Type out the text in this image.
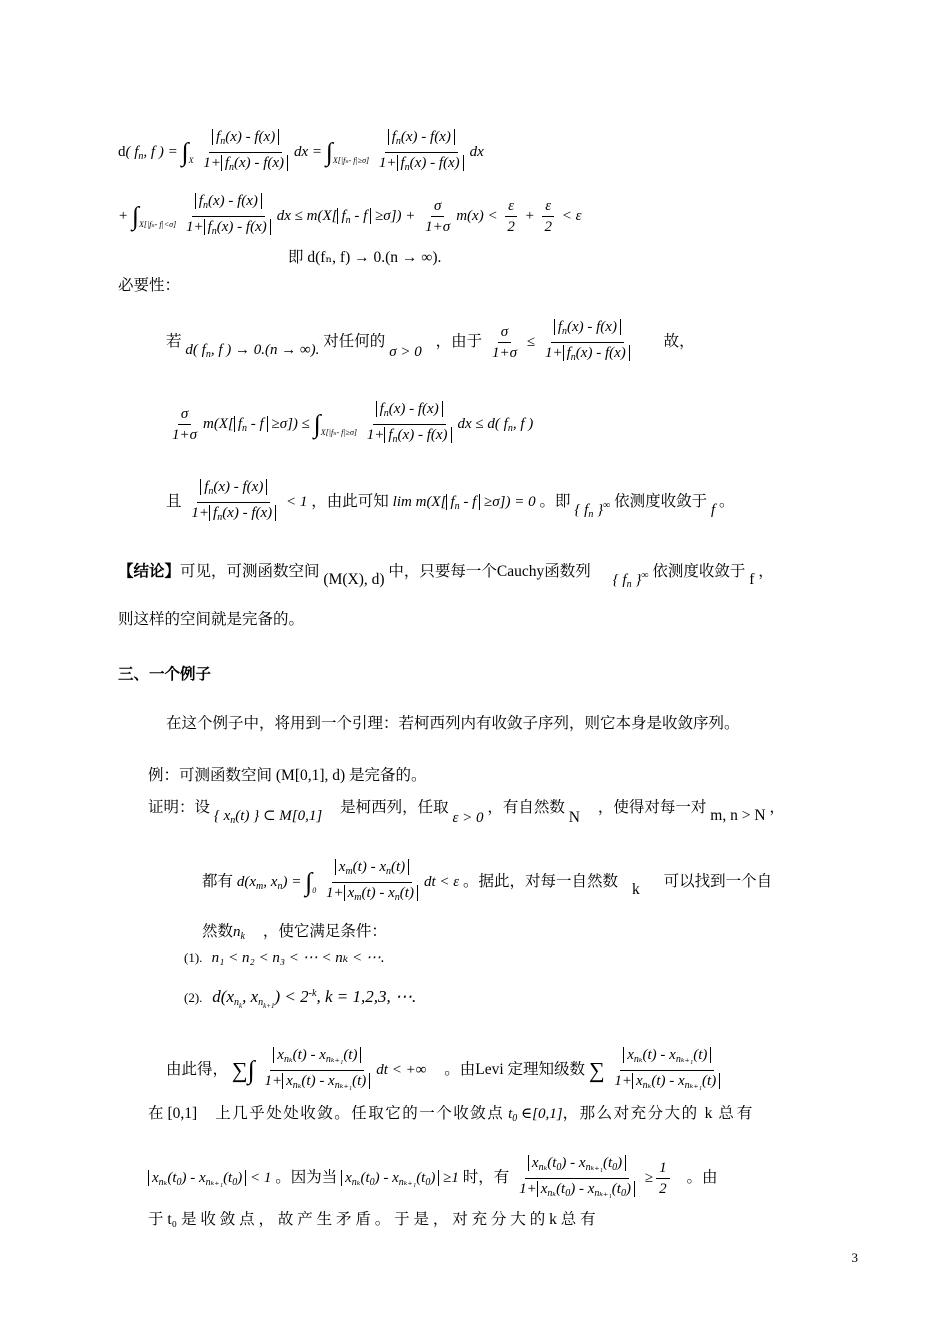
d( $f_n$, f ) = $\int_X \frac{f_n(x) - f(x)}{1+ f_n(x) - f(x)}$ dx = $\int_{X[|f_n- f|\ge\sigma]} \frac{f_n(x) - f(x)}{1+ f_n(x) - f(x)}$ dx
+ $\int_{X[|f_n- f|<\sigma]} \frac{f_n(x) - f(x)}{1+ f_n(x) - f(x)}$ dx ≤ m(X[ $f_n - f \ge\sigma]) + \frac{\sigma}{1+\sigma} m(x) < \frac{\varepsilon}{2} + \frac{\varepsilon}{2} < \varepsilon$
即 d(fₙ, f) → 0.(n → ∞).
必要性：
若 d( $f_n$, f ) → 0.(n → ∞). 对任何的 σ > 0 ，由于 $\frac{\sigma}{1+\sigma} \le \frac{f_n(x) - f(x)}{1+ f_n(x) - f(x)}$ 故，
$\frac{\sigma}{1+\sigma} m(X$[ $f_n - f \ge\sigma]) \le \int_{X[|f_n- f|\ge\sigma]} \frac{f_n(x) - f(x)}{1+ f_n(x) - f(x)}$ dx ≤ d( $f_n$, f )
且 $\frac{f_n(x) - f(x)}{1+ f_n(x) - f(x)} < 1$ ，由此可知 lim m(X[ $f_n - f \ge\sigma]) = 0$ 。即 { $f_n$ }∞ 依测度收敛于 f 。
【结论】可见，可测函数空间 (M(X), d) 中，只要每一个Cauchy函数列 { $f_n$ }∞ 依测度收敛于 f ，
则这样的空间就是完备的。
三、一个例子
在这个例子中，将用到一个引理：若柯西列内有收敛子序列，则它本身是收敛序列。
例：可测函数空间 (M[0,1], d) 是完备的。
证明：设 { $x_n(t)$ } ⊂ M[0,1] 是柯西列，任取 ε > 0 ，有自然数 N ，使得对每一对 m, n > N ，
都有 $d(x_m$, $x_n) = \int_0 \frac{x_m(t) - x_n(t)}{1+ x_m(t) - x_n(t)}$ dt < ε 。据此，对每一自然数 k 可以找到一个自
然数$n_k$ ，使它满足条件：
(1). n₁ < n₂ < n₃ < ⋯ < nₖ < ⋯.
(2). $d(x_{n_k}$, $x_{n_{k+1}}) < 2^{-k}$, k = 1,2,3, ⋯.
由此得， ∑∫ $\frac{x_{n_k}(t) - x_{n_{k+1}}(t)}{1+ x_{n_k}(t) - x_{n_{k+1}}(t)}$ dt < +∞ 。由Levi 定理知级数 ∑ $\frac{x_{n_k}(t) - x_{n_{k+1}}(t)}{1+ x_{n_k}(t) - x_{n_{k+1}}(t)}$
在 [0,1] 上几乎处处收敛。任取它的一个收敛点 $t_0$ ∈[0,1]，那么对充分大的 k 总有
$x_{n_k}(t_0) - x_{n_{k+1}}(t_0) < 1$ 。因为当 $x_{n_k}(t_0) - x_{n_{k+1}}(t_0) \ge 1$ 时，有 $\frac{x_{n_k}(t_0) - x_{n_{k+1}}(t_0)}{1+ x_{n_k}(t_0) - x_{n_{k+1}}(t_0)} \ge \frac{1}{2}$ 。由
于 t₀ 是 收 敛 点 ， 故 产 生 矛 盾 。 于 是 ， 对 充 分 大 的 k 总 有
3
